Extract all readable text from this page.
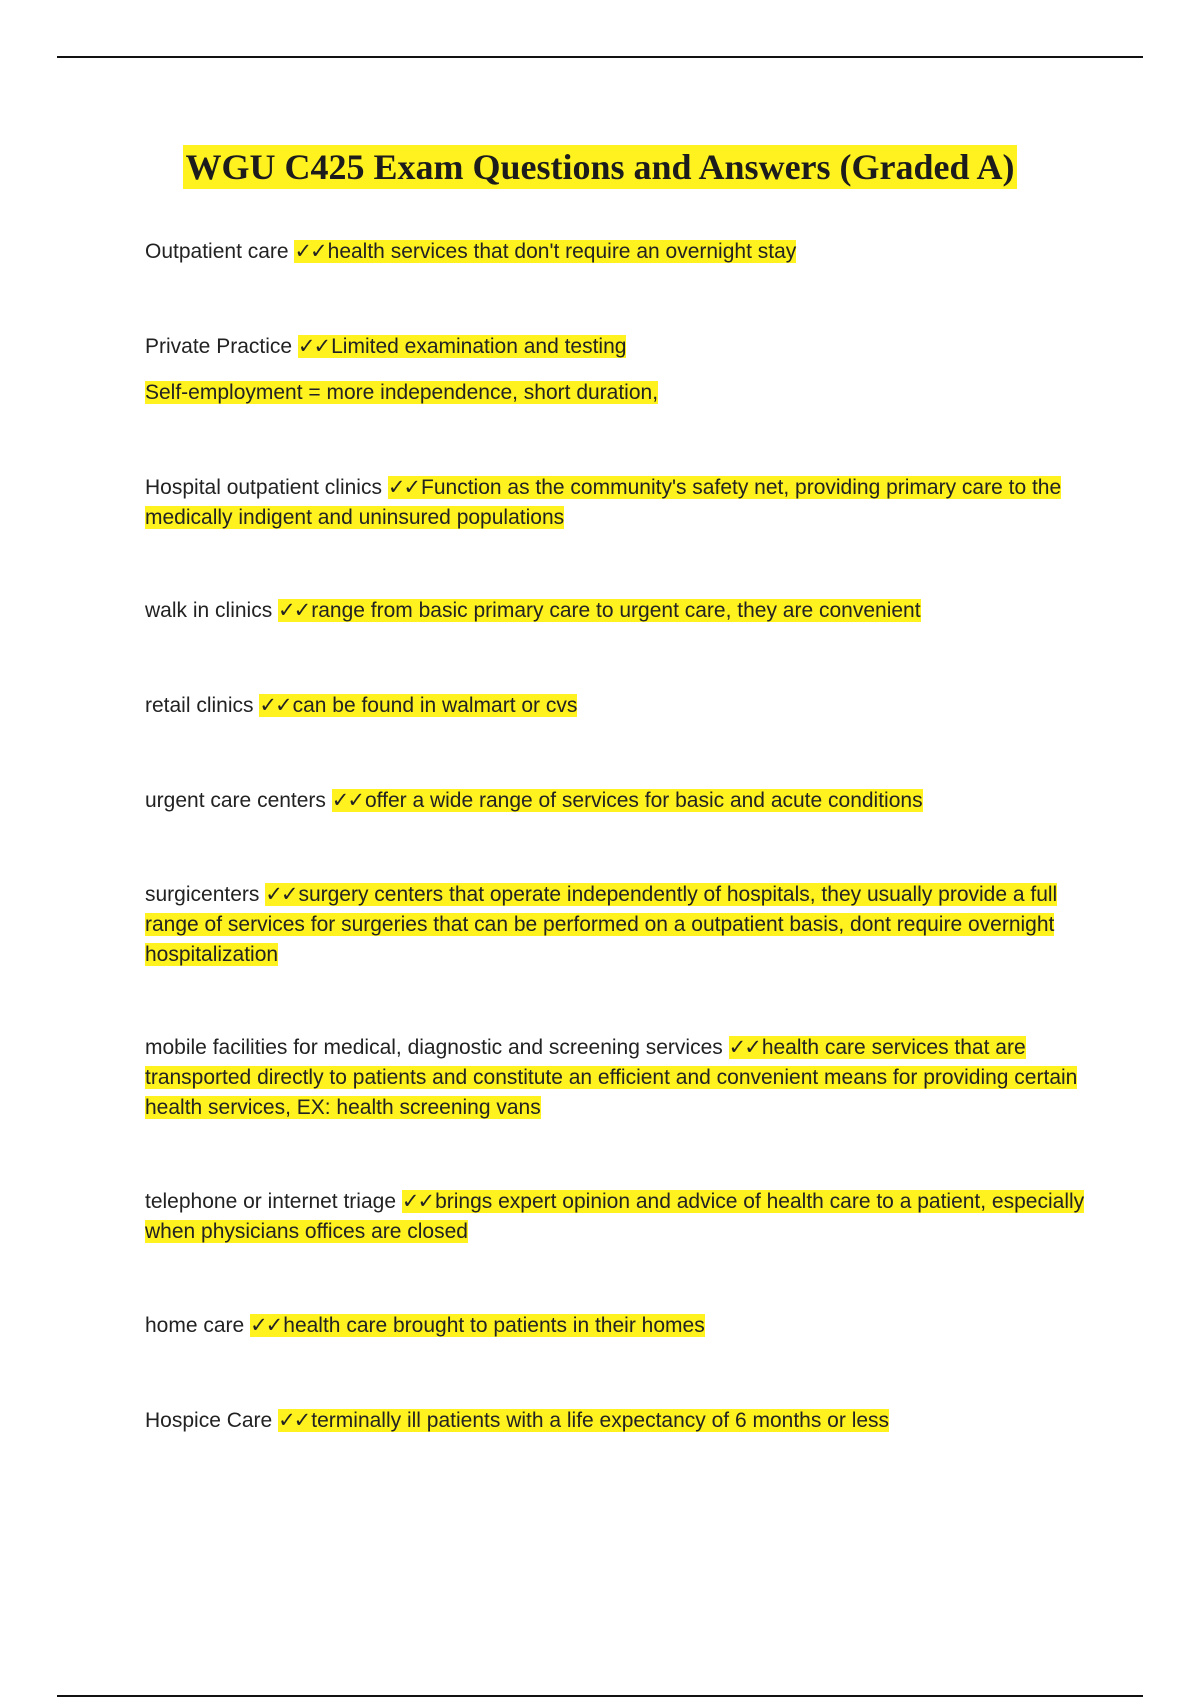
WGU C425 Exam Questions and Answers (Graded A)
Outpatient care ✓✓health services that don't require an overnight stay
Private Practice ✓✓Limited examination and testing
Self-employment = more independence, short duration,
Hospital outpatient clinics ✓✓Function as the community's safety net, providing primary care to the medically indigent and uninsured populations
walk in clinics ✓✓range from basic primary care to urgent care, they are convenient
retail clinics ✓✓can be found in walmart or cvs
urgent care centers ✓✓offer a wide range of services for basic and acute conditions
surgicenters ✓✓surgery centers that operate independently of hospitals, they usually provide a full range of services for surgeries that can be performed on a outpatient basis, dont require overnight hospitalization
mobile facilities for medical, diagnostic and screening services ✓✓health care services that are transported directly to patients and constitute an efficient and convenient means for providing certain health services, EX: health screening vans
telephone or internet triage ✓✓brings expert opinion and advice of health care to a patient, especially when physicians offices are closed
home care ✓✓health care brought to patients in their homes
Hospice Care ✓✓terminally ill patients with a life expectancy of 6 months or less
